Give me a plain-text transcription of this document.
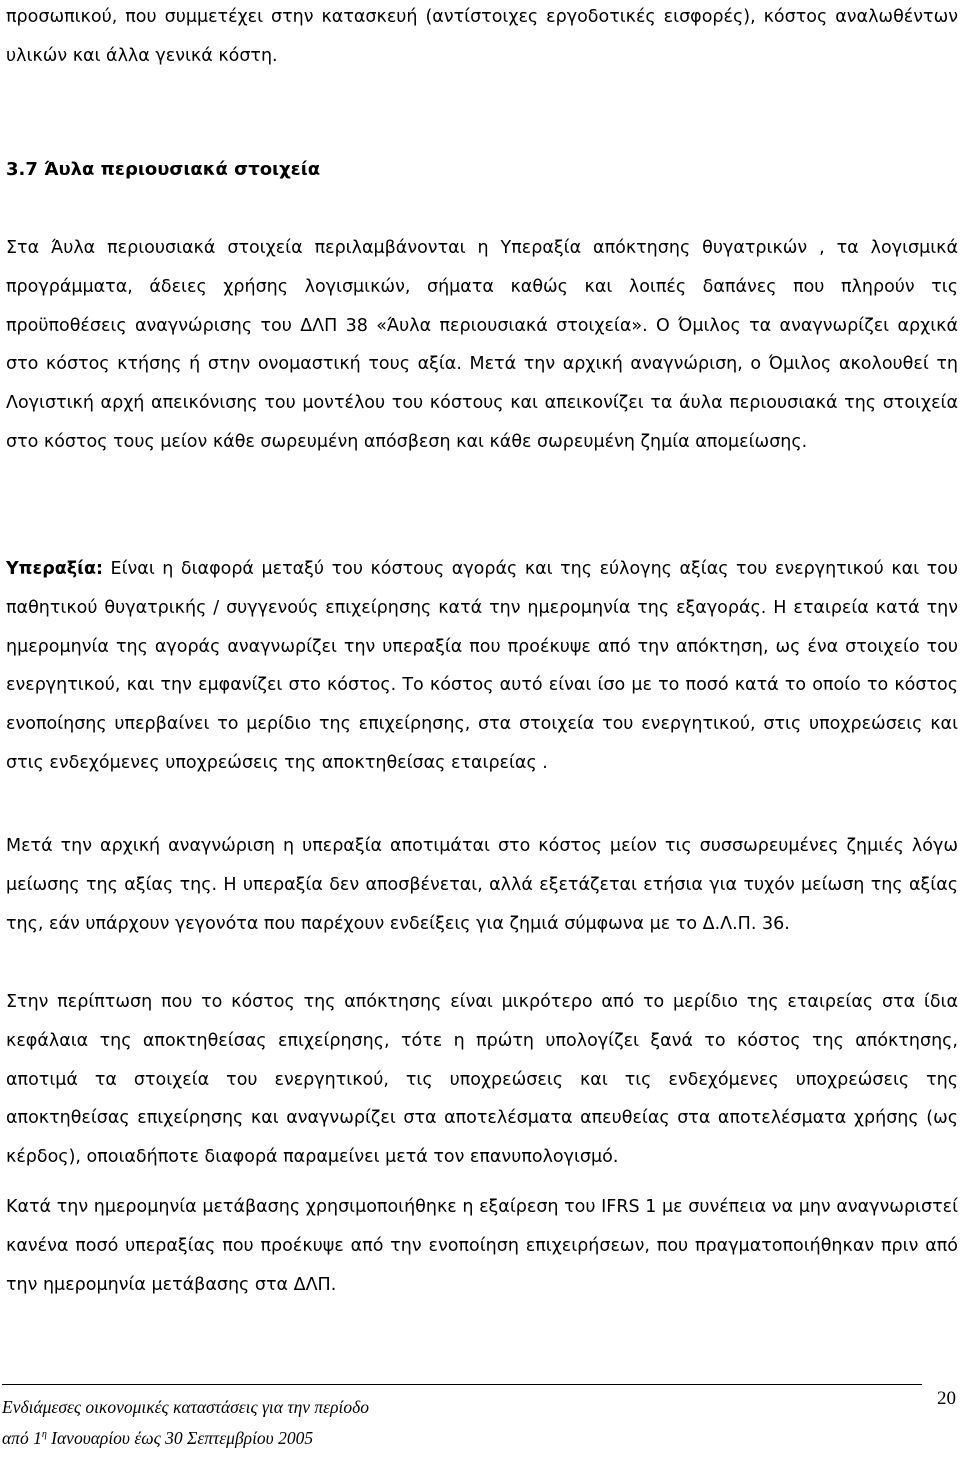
προσωπικού, που συμμετέχει στην κατασκευή (αντίστοιχες εργοδοτικές εισφορές), κόστος αναλωθέντων υλικών και άλλα γενικά κόστη.

3.7 Άυλα περιουσιακά στοιχεία

Στα Άυλα περιουσιακά στοιχεία περιλαμβάνονται η Υπεραξία απόκτησης θυγατρικών , τα λογισμικά προγράμματα, άδειες χρήσης λογισμικών, σήματα καθώς και λοιπές δαπάνες που πληρούν τις προϋποθέσεις αναγνώρισης του ΔΛΠ 38 «Άυλα περιουσιακά στοιχεία». Ο Όμιλος τα αναγνωρίζει αρχικά στο κόστος κτήσης ή στην ονομαστική τους αξία. Μετά την αρχική αναγνώριση, ο Όμιλος ακολουθεί τη Λογιστική αρχή απεικόνισης του μοντέλου του κόστους και απεικονίζει τα άυλα περιουσιακά της στοιχεία στο κόστος τους μείον κάθε σωρευμένη απόσβεση και κάθε σωρευμένη ζημία απομείωσης.

Υπεραξία: Είναι η διαφορά μεταξύ του κόστους αγοράς και της εύλογης αξίας του ενεργητικού και του παθητικού θυγατρικής / συγγενούς επιχείρησης κατά την ημερομηνία της εξαγοράς. Η εταιρεία κατά την ημερομηνία της αγοράς αναγνωρίζει την υπεραξία που προέκυψε από την απόκτηση, ως ένα στοιχείο του ενεργητικού, και την εμφανίζει στο κόστος. Το κόστος αυτό είναι ίσο με το ποσό κατά το οποίο το κόστος ενοποίησης υπερβαίνει το μερίδιο της επιχείρησης, στα στοιχεία του ενεργητικού, στις υποχρεώσεις και στις ενδεχόμενες υποχρεώσεις της αποκτηθείσας εταιρείας .

Μετά την αρχική αναγνώριση η υπεραξία αποτιμάται στο κόστος μείον τις συσσωρευμένες ζημιές λόγω μείωσης της αξίας της. Η υπεραξία δεν αποσβένεται, αλλά εξετάζεται ετήσια για τυχόν μείωση της αξίας της, εάν υπάρχουν γεγονότα που παρέχουν ενδείξεις για ζημιά σύμφωνα με το Δ.Λ.Π. 36.

Στην περίπτωση που το κόστος της απόκτησης είναι μικρότερο από το μερίδιο της εταιρείας στα ίδια κεφάλαια της αποκτηθείσας επιχείρησης, τότε η πρώτη υπολογίζει ξανά το κόστος της απόκτησης, αποτιμά τα στοιχεία του ενεργητικού, τις υποχρεώσεις και τις ενδεχόμενες υποχρεώσεις της αποκτηθείσας επιχείρησης και αναγνωρίζει στα αποτελέσματα απευθείας στα αποτελέσματα χρήσης (ως κέρδος), οποιαδήποτε διαφορά παραμείνει μετά τον επανυπολογισμό.

Κατά την ημερομηνία μετάβασης χρησιμοποιήθηκε η εξαίρεση του IFRS 1 με συνέπεια να μην αναγνωριστεί κανένα ποσό υπεραξίας που προέκυψε από την ενοποίηση επιχειρήσεων, που πραγματοποιήθηκαν πριν από την ημερομηνία μετάβασης στα ΔΛΠ.

Ενδιάμεσες οικονομικές καταστάσεις για την περίοδο	20

από $1^\eta$ Ιανουαρίου έως 30 Σεπτεμβρίου 2005
